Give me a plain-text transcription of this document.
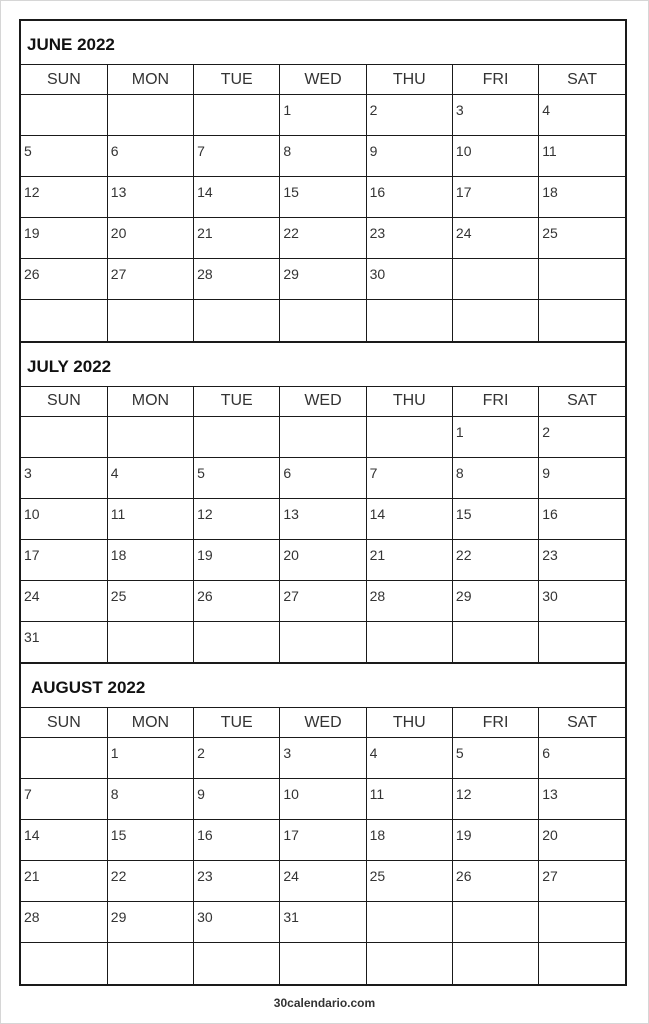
JUNE 2022
SUN	MON	TUE	WED	THU	FRI	SAT
			1	2	3	4
5	6	7	8	9	10	11
12	13	14	15	16	17	18
19	20	21	22	23	24	25
26	27	28	29	30		

JULY 2022
SUN	MON	TUE	WED	THU	FRI	SAT
					1	2
3	4	5	6	7	8	9
10	11	12	13	14	15	16
17	18	19	20	21	22	23
24	25	26	27	28	29	30
31						
AUGUST 2022
SUN	MON	TUE	WED	THU	FRI	SAT
	1	2	3	4	5	6
7	8	9	10	11	12	13
14	15	16	17	18	19	20
21	22	23	24	25	26	27
28	29	30	31			

30calendario.com
